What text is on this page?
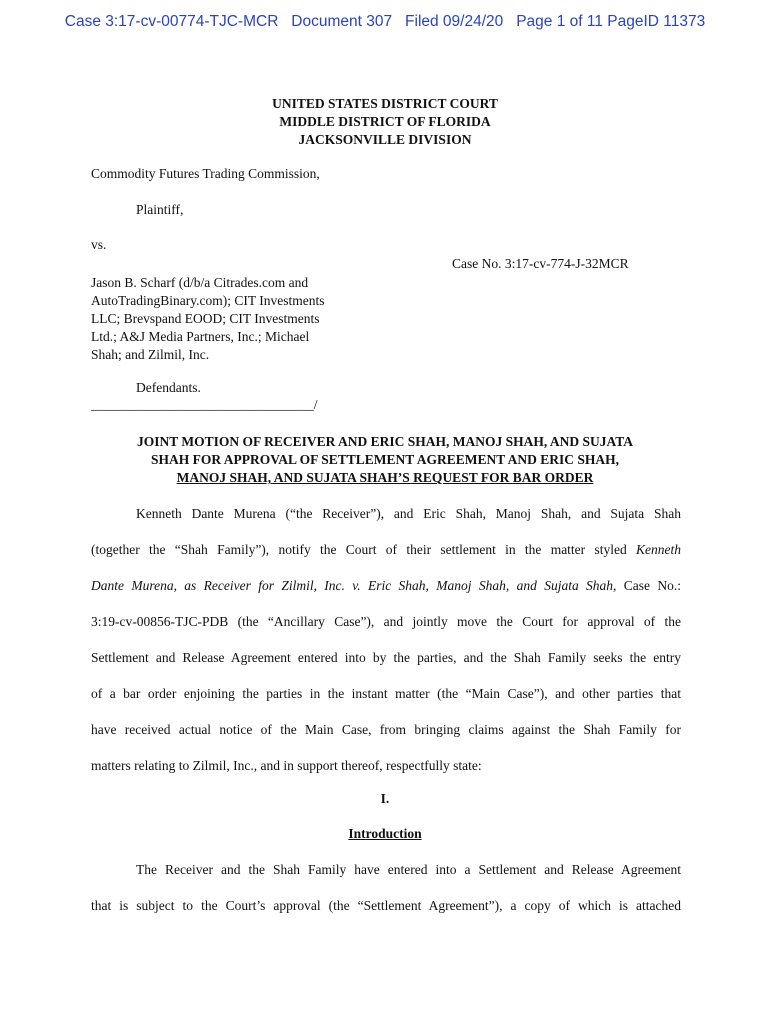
Case 3:17-cv-00774-TJC-MCR   Document 307   Filed 09/24/20   Page 1 of 11 PageID 11373
UNITED STATES DISTRICT COURT
MIDDLE DISTRICT OF FLORIDA
JACKSONVILLE DIVISION
Commodity Futures Trading Commission,
Plaintiff,
vs.
Case No. 3:17-cv-774-J-32MCR
Jason B. Scharf (d/b/a Citrades.com and
AutoTradingBinary.com); CIT Investments
LLC; Brevspand EOOD; CIT Investments
Ltd.; A&J Media Partners, Inc.; Michael
Shah; and Zilmil, Inc.
Defendants.
_________________________________/
JOINT MOTION OF RECEIVER AND ERIC SHAH, MANOJ SHAH, AND SUJATA
SHAH FOR APPROVAL OF SETTLEMENT AGREEMENT AND ERIC SHAH,
MANOJ SHAH, AND SUJATA SHAH’S REQUEST FOR BAR ORDER
Kenneth Dante Murena (“the Receiver”), and Eric Shah, Manoj Shah, and Sujata Shah
(together the “Shah Family”), notify the Court of their settlement in the matter styled Kenneth
Dante Murena, as Receiver for Zilmil, Inc. v. Eric Shah, Manoj Shah, and Sujata Shah, Case No.:
3:19-cv-00856-TJC-PDB (the “Ancillary Case”), and jointly move the Court for approval of the
Settlement and Release Agreement entered into by the parties, and the Shah Family seeks the entry
of a bar order enjoining the parties in the instant matter (the “Main Case”), and other parties that
have received actual notice of the Main Case, from bringing claims against the Shah Family for
matters relating to Zilmil, Inc., and in support thereof, respectfully state:
I.
Introduction
The Receiver and the Shah Family have entered into a Settlement and Release Agreement
that is subject to the Court’s approval (the “Settlement Agreement”), a copy of which is attached
